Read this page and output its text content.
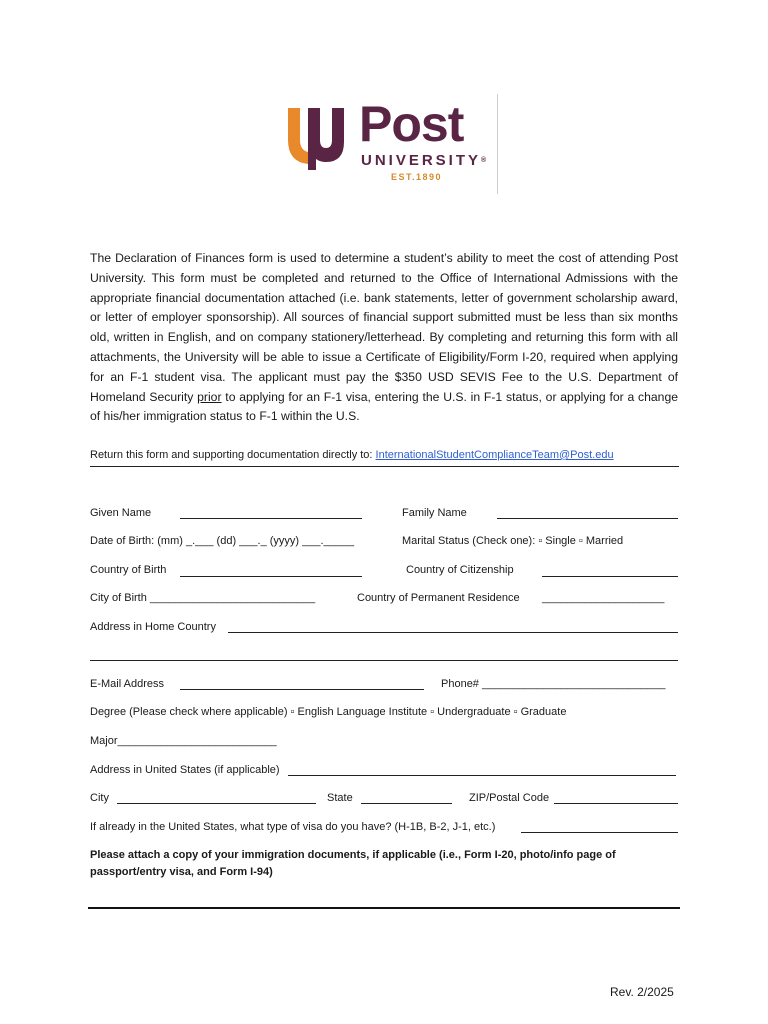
Post
UNIVERSITY®
EST.1890
The Declaration of Finances form is used to determine a student’s ability to meet the cost of attending Post University. This form must be completed and returned to the Office of International Admissions with the appropriate financial documentation attached (i.e. bank statements, letter of government scholarship award, or letter of employer sponsorship). All sources of financial support submitted must be less than six months old, written in English, and on company stationery/letterhead. By completing and returning this form with all attachments, the University will be able to issue a Certificate of Eligibility/Form I-20, required when applying for an F-1 student visa. The applicant must pay the $350 USD SEVIS Fee to the U.S. Department of Homeland Security prior to applying for an F-1 visa, entering the U.S. in F-1 status, or applying for a change of his/her immigration status to F-1 within the U.S.
Return this form and supporting documentation directly to: InternationalStudentComplianceTeam@Post.edu
Given Name	Family Name
Date of Birth: (mm) _.___ (dd) ___._ (yyyy) ___._____	Marital Status (Check one): ▫ Single ▫ Married
Country of Birth	Country of Citizenship
City of Birth ___________________________	Country of Permanent Residence ____________________
Address in Home Country
E-Mail Address	Phone# ______________________________
Degree (Please check where applicable) ▫ English Language Institute ▫ Undergraduate ▫ Graduate
Major__________________________
Address in United States (if applicable)
City	State	ZIP/Postal Code
If already in the United States, what type of visa do you have? (H-1B, B-2, J-1, etc.)
Please attach a copy of your immigration documents, if applicable (i.e., Form I-20, photo/info page of
passport/entry visa, and Form I-94)
Rev. 2/2025
